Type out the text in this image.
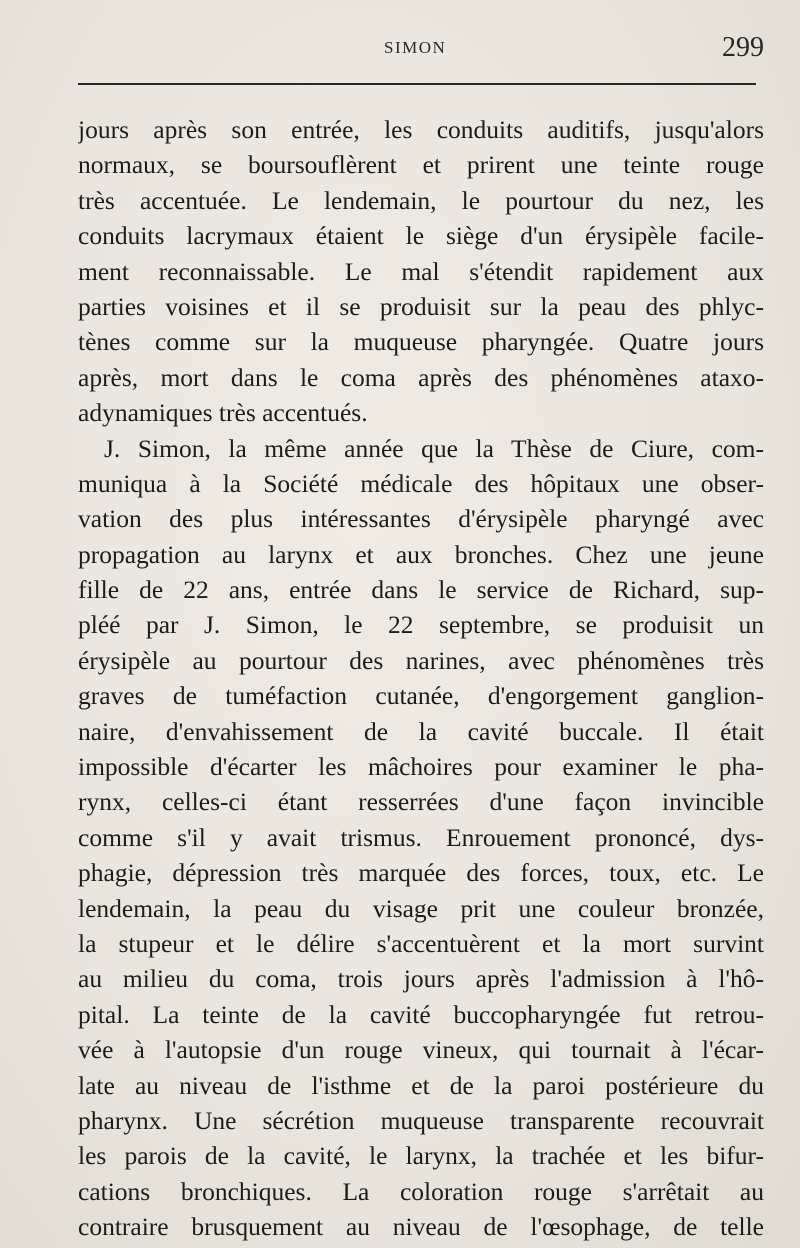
SIMON	299
jours après son entrée, les conduits auditifs, jusqu'alors
normaux, se boursouflèrent et prirent une teinte rouge
très accentuée. Le lendemain, le pourtour du nez, les
conduits lacrymaux étaient le siège d'un érysipèle facile-
ment reconnaissable. Le mal s'étendit rapidement aux
parties voisines et il se produisit sur la peau des phlyc-
tènes comme sur la muqueuse pharyngée. Quatre jours
après, mort dans le coma après des phénomènes ataxo-
adynamiques très accentués.
J. Simon, la même année que la Thèse de Ciure, com-
muniqua à la Société médicale des hôpitaux une obser-
vation des plus intéressantes d'érysipèle pharyngé avec
propagation au larynx et aux bronches. Chez une jeune
fille de 22 ans, entrée dans le service de Richard, sup-
pléé par J. Simon, le 22 septembre, se produisit un
érysipèle au pourtour des narines, avec phénomènes très
graves de tuméfaction cutanée, d'engorgement ganglion-
naire, d'envahissement de la cavité buccale. Il était
impossible d'écarter les mâchoires pour examiner le pha-
rynx, celles-ci étant resserrées d'une façon invincible
comme s'il y avait trismus. Enrouement prononcé, dys-
phagie, dépression très marquée des forces, toux, etc. Le
lendemain, la peau du visage prit une couleur bronzée,
la stupeur et le délire s'accentuèrent et la mort survint
au milieu du coma, trois jours après l'admission à l'hô-
pital. La teinte de la cavité buccopharyngée fut retrou-
vée à l'autopsie d'un rouge vineux, qui tournait à l'écar-
late au niveau de l'isthme et de la paroi postérieure du
pharynx. Une sécrétion muqueuse transparente recouvrait
les parois de la cavité, le larynx, la trachée et les bifur-
cations bronchiques. La coloration rouge s'arrêtait au
contraire brusquement au niveau de l'œsophage, de telle
